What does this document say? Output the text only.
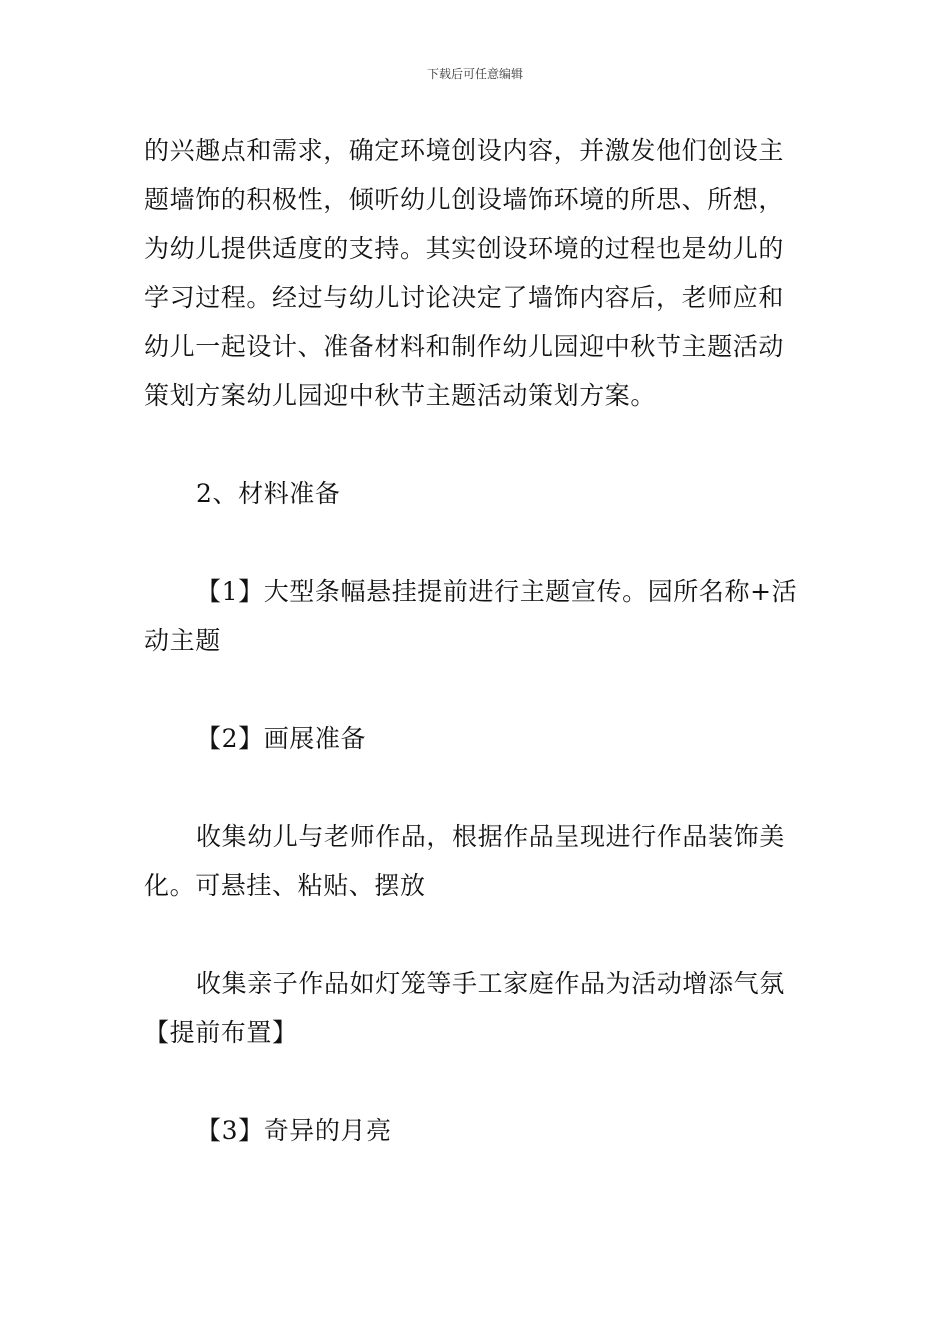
下载后可任意编辑

的兴趣点和需求，确定环境创设内容，并激发他们创设主题墙饰的积极性，倾听幼儿创设墙饰环境的所思、所想，为幼儿提供适度的支持。其实创设环境的过程也是幼儿的学习过程。经过与幼儿讨论决定了墙饰内容后，老师应和幼儿一起设计、准备材料和制作幼儿园迎中秋节主题活动策划方案幼儿园迎中秋节主题活动策划方案。

2、材料准备

【1】大型条幅悬挂提前进行主题宣传。园所名称+活动主题

【2】画展准备

收集幼儿与老师作品，根据作品呈现进行作品装饰美化。可悬挂、粘贴、摆放

收集亲子作品如灯笼等手工家庭作品为活动增添气氛【提前布置】

【3】奇异的月亮
